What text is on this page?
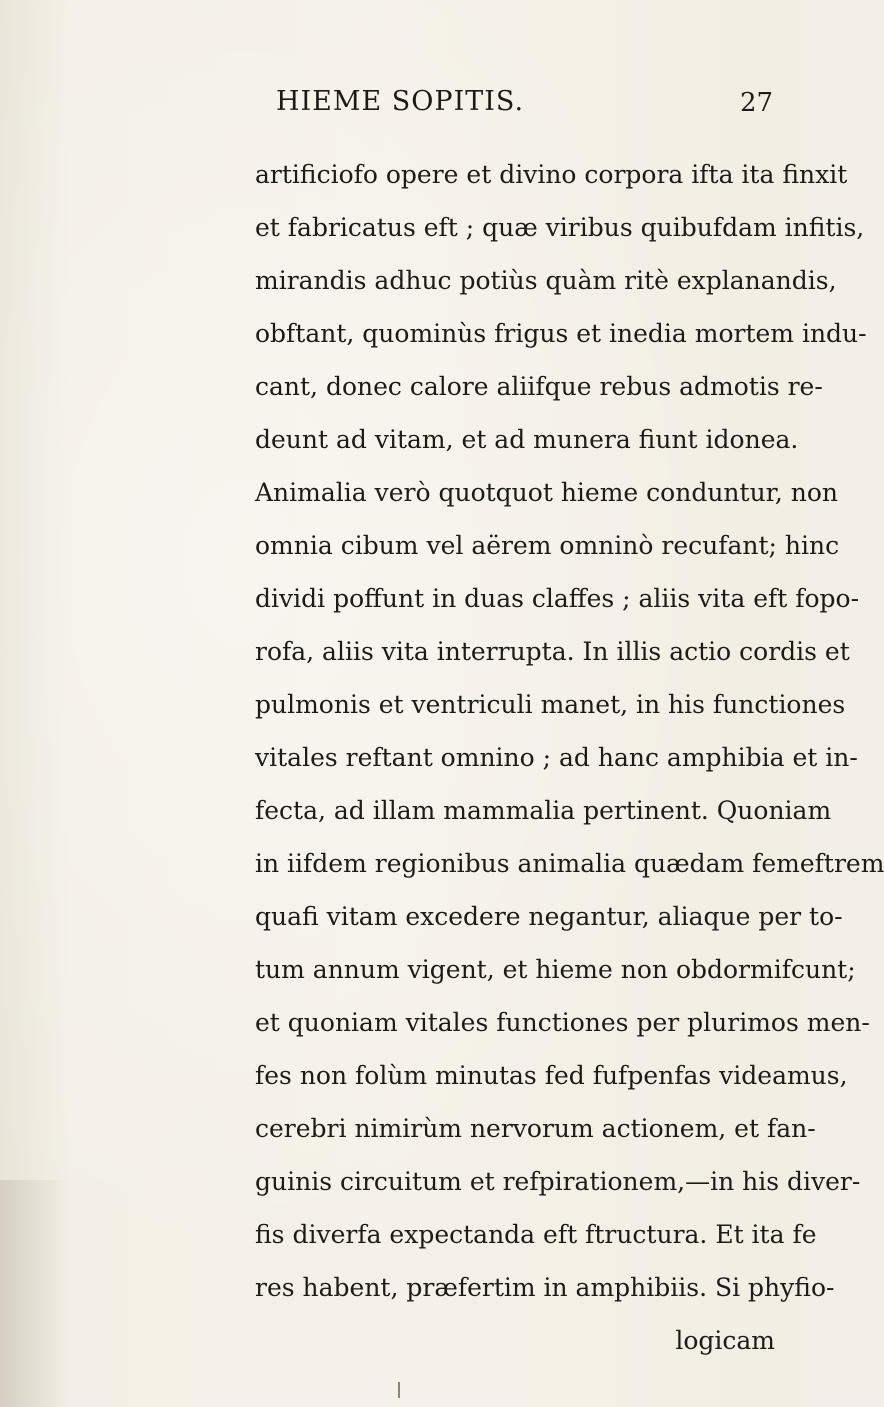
HIEME SOPITIS.	27
artificiofo opere et divino corpora ifta ita finxit
et fabricatus eft ; quæ viribus quibufdam infitis,
mirandis adhuc potiùs quàm ritè explanandis,
obftant, quominùs frigus et inedia mortem indu-
cant, donec calore aliifque rebus admotis re-
deunt ad vitam, et ad munera fiunt idonea.
Animalia verò quotquot hieme conduntur, non
omnia cibum vel aërem omninò recufant; hinc
dividi poffunt in duas claffes ; aliis vita eft fopo-
rofa, aliis vita interrupta. In illis actio cordis et
pulmonis et ventriculi manet, in his functiones
vitales reftant omnino ; ad hanc amphibia et in-
fecta, ad illam mammalia pertinent. Quoniam
in iifdem regionibus animalia quædam femeftrem
quafi vitam excedere negantur, aliaque per to-
tum annum vigent, et hieme non obdormifcunt;
et quoniam vitales functiones per plurimos men-
fes non folùm minutas fed fufpenfas videamus,
cerebri nimirùm nervorum actionem, et fan-
guinis circuitum et refpirationem,—in his diver-
fis diverfa expectanda eft ftructura. Et ita fe
res habent, præfertim in amphibiis. Si phyfio-
logicam
